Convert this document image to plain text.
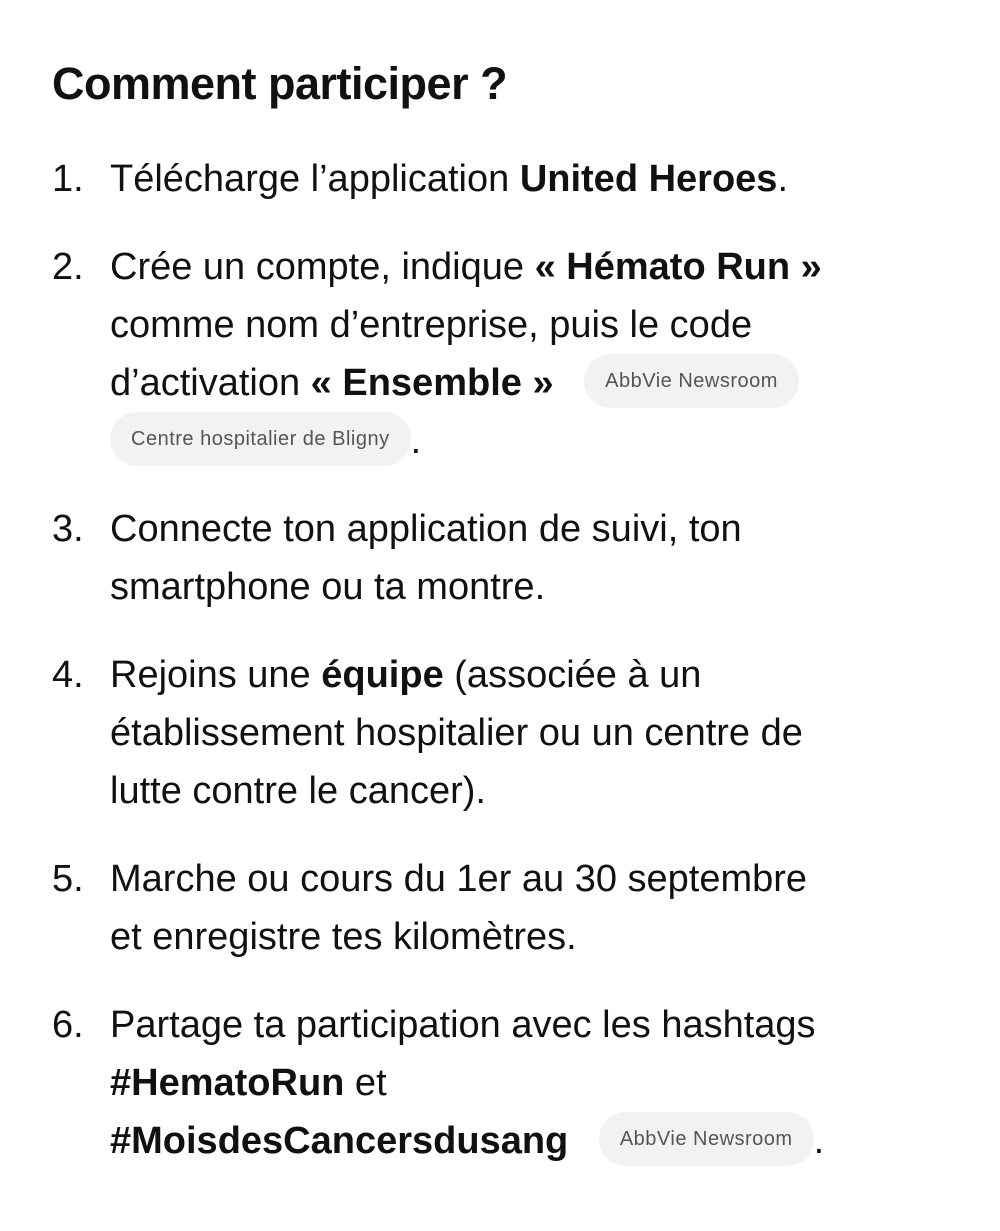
Comment participer ?
1. Télécharge l’application United Heroes.
2. Crée un compte, indique « Hémato Run »
comme nom d’entreprise, puis le code
d’activation « Ensemble »	AbbVie Newsroom
Centre hospitalier de Bligny .
3. Connecte ton application de suivi, ton
smartphone ou ta montre.
4. Rejoins une équipe (associée à un
établissement hospitalier ou un centre de
lutte contre le cancer).
5. Marche ou cours du 1er au 30 septembre
et enregistre tes kilomètres.
6. Partage ta participation avec les hashtags
#HematoRun et
#MoisdesCancersdusang	AbbVie Newsroom .
